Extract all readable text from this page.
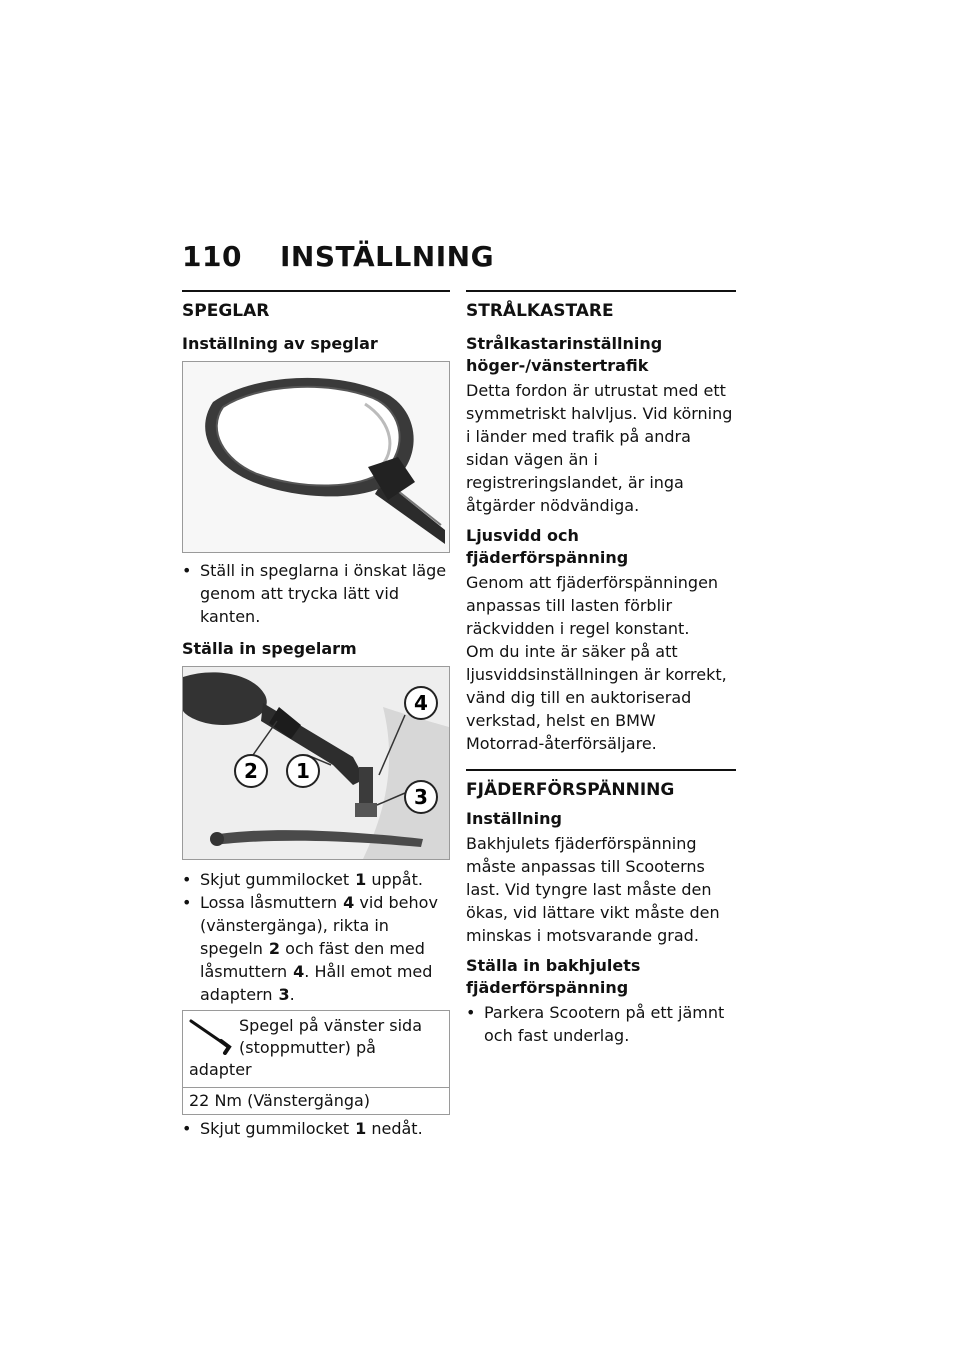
110 INSTÄLLNING
SPEGLAR
Inställning av speglar
• Ställ in speglarna i önskat läge genom att trycka lätt vid kanten.
Ställa in spegelarm
2 1
4
3
• Skjut gummilocket 1 uppåt.
• Lossa låsmuttern 4 vid behov (vänstergänga), rikta in spegeln 2 och fäst den med låsmuttern 4. Håll emot med adaptern 3.
Spegel på vänster sida (stoppmutter) på adapter
22 Nm (Vänstergänga)
• Skjut gummilocket 1 nedåt.
STRÅLKASTARE
Strålkastarinställning höger-/vänstertrafik

Detta fordon är utrustat med ett symmetriskt halvljus. Vid körning i länder med trafik på andra sidan vägen än i registreringslandet, är inga åtgärder nödvändiga.

Ljusvidd och fjäderförspänning

Genom att fjäderförspänningen anpassas till lasten förblir räckvidden i regel konstant.

Om du inte är säker på att ljusviddsinställningen är korrekt, vänd dig till en auktoriserad verkstad, helst en BMW Motorrad-återförsäljare.

FJÄDERFÖRSPÄNNING
Inställning

Bakhjulets fjäderförspänning måste anpassas till Scooterns last. Vid tyngre last måste den ökas, vid lättare vikt måste den minskas i motsvarande grad.

Ställa in bakhjulets fjäderförspänning
• Parkera Scootern på ett jämnt och fast underlag.
